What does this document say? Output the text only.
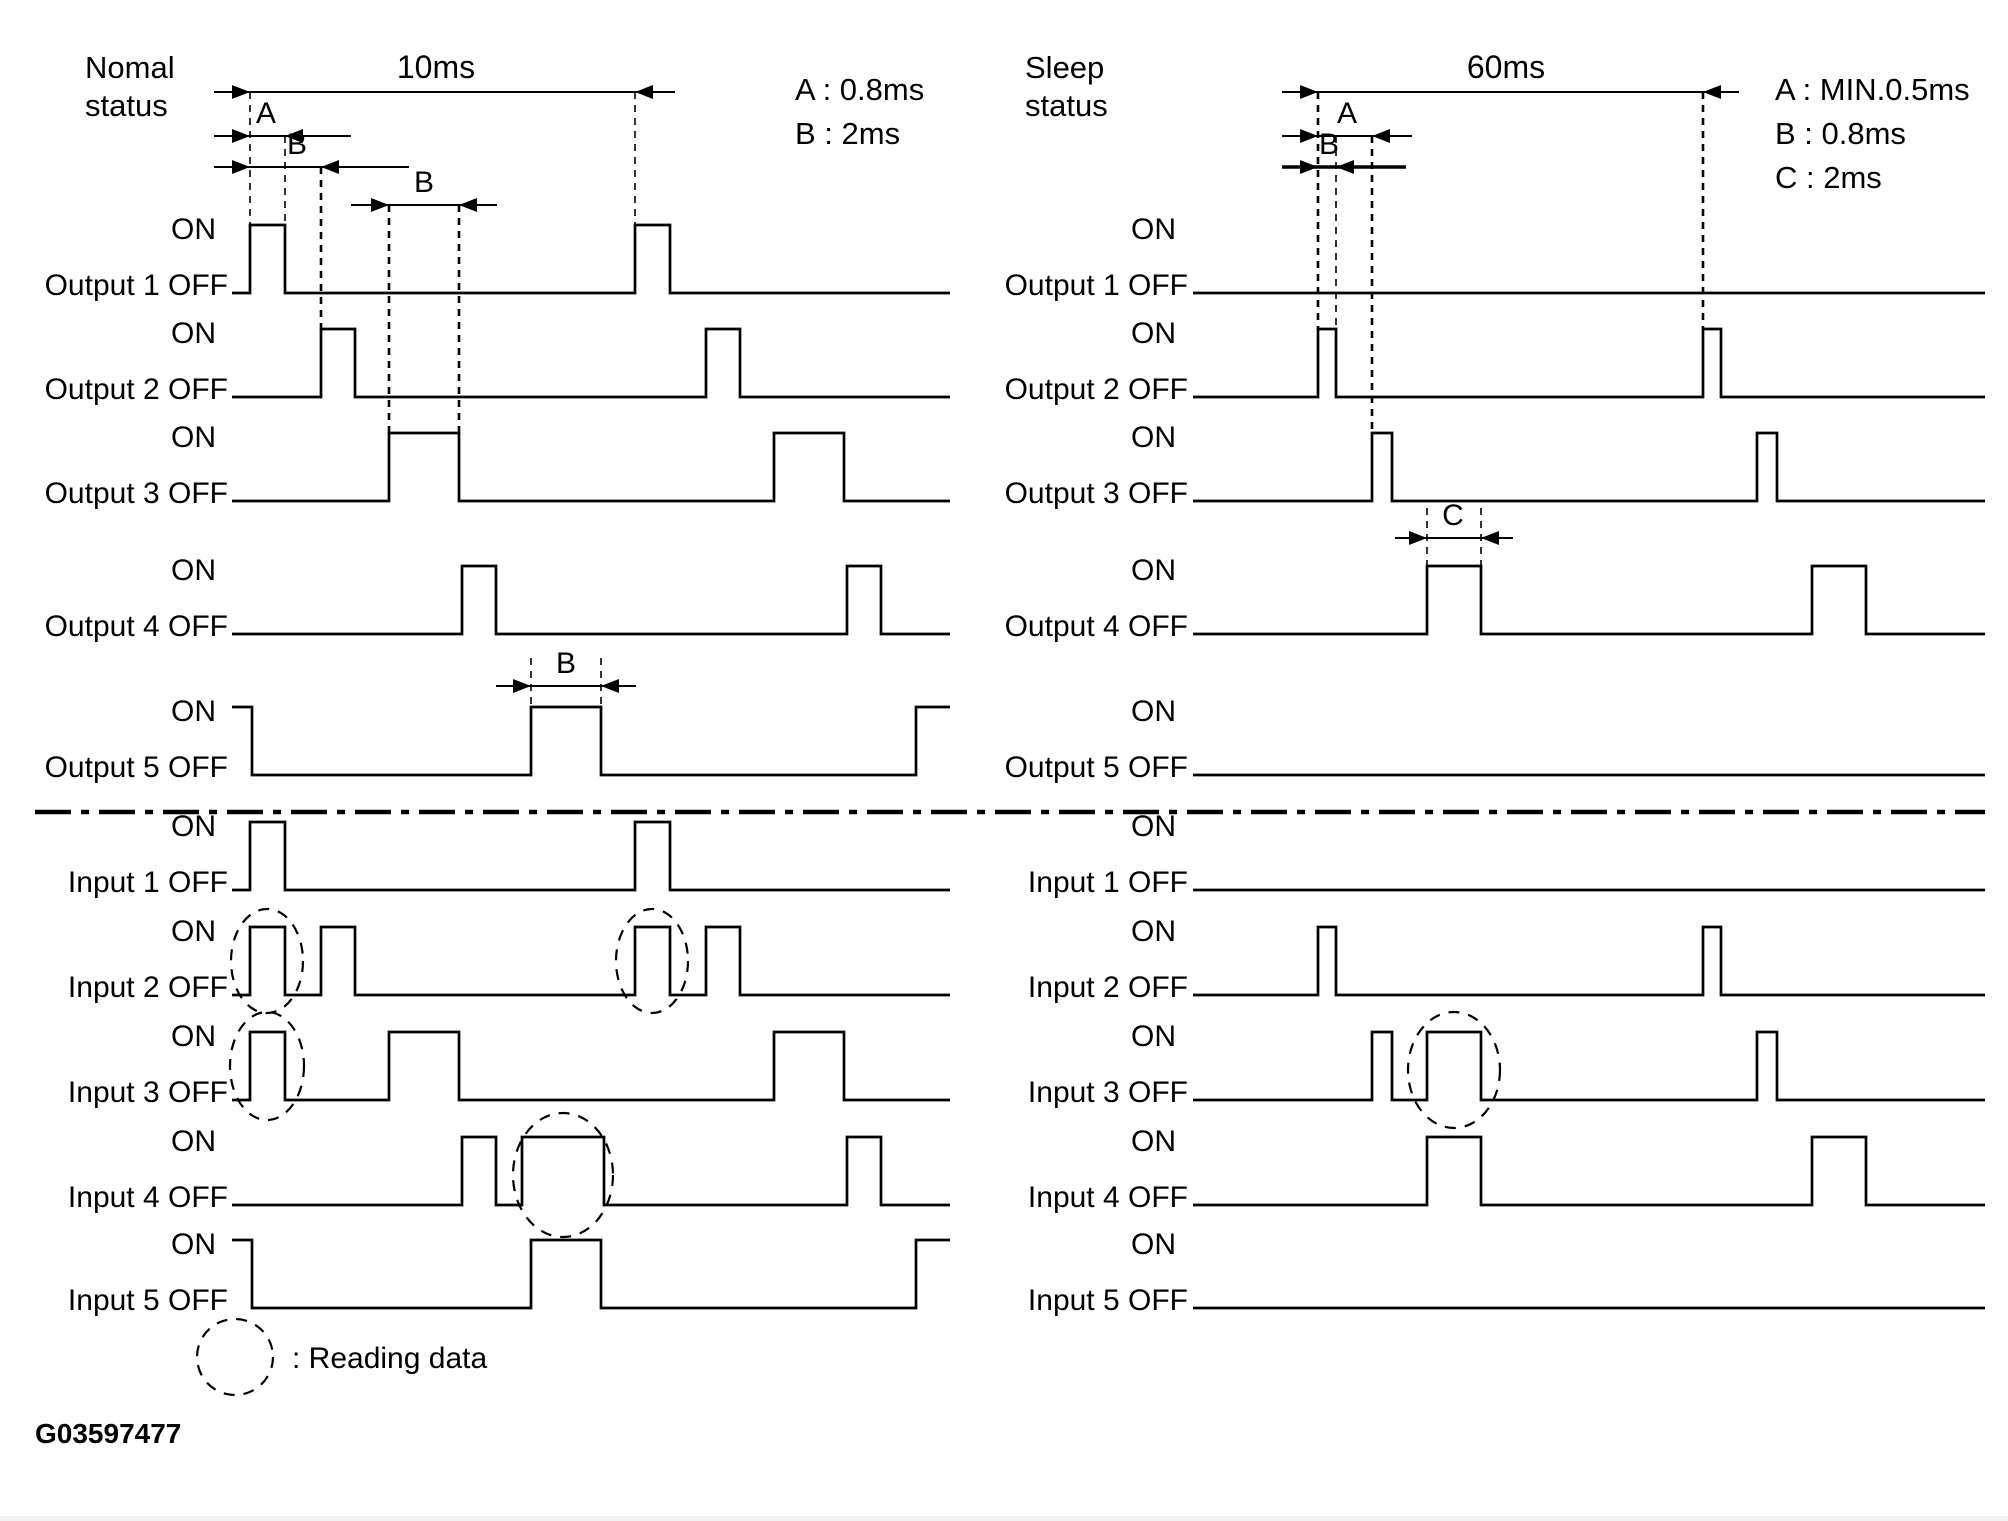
Nomal
status	A : 0.8ms
B : 2ms
10ms
A
B
B
B
ON
Output 1 OFF
ON
Output 2 OFF
ON
Output 3 OFF
ON
Output 4 OFF
ON
Output 5 OFF
ON
Input 1 OFF
ON
Input 2 OFF
ON
Input 3 OFF
ON
Input 4 OFF
ON
Input 5 OFF
Sleep
status	A : MIN.0.5ms
B : 0.8ms
C : 2ms
60ms
A
B
C
ON
Output 1 OFF
ON
Output 2 OFF
ON
Output 3 OFF
ON
Output 4 OFF
ON
Output 5 OFF
ON
Input 1 OFF
ON
Input 2 OFF
ON
Input 3 OFF
ON
Input 4 OFF
ON
Input 5 OFF
: Reading data
G03597477
